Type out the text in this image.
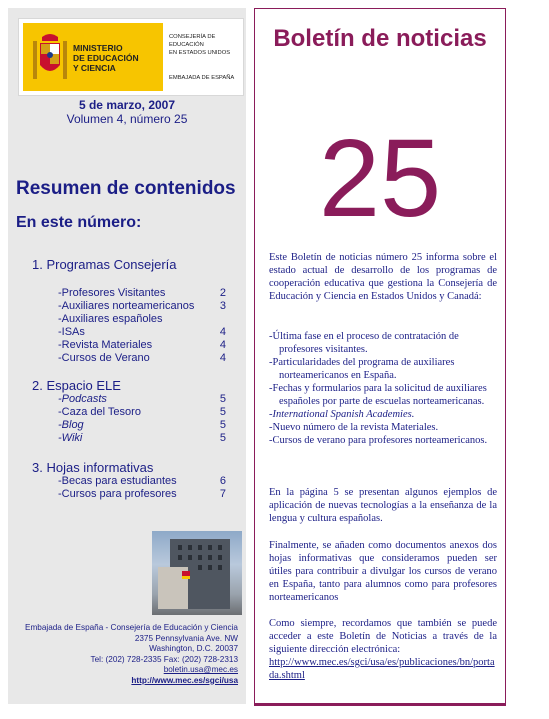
MINISTERIO
DE EDUCACIÓN
Y CIENCIA
CONSEJERÍA DE EDUCACIÓN
EN ESTADOS UNIDOS
EMBAJADA DE ESPAÑA
5 de marzo, 2007
Volumen 4, número 25
Resumen de contenidos
En este número:
1. Programas Consejería
-Profesores Visitantes	2
-Auxiliares norteamericanos 3
-Auxiliares españoles
-ISAs	4
-Revista Materiales	4
-Cursos de Verano	4
2. Espacio ELE
-Podcasts	5
-Caza del Tesoro	5
-Blog	5
-Wiki	5
3. Hojas informativas
-Becas para estudiantes	6
-Cursos para profesores	7
Embajada de España - Consejería de Educación y Ciencia
2375 Pennsylvania Ave. NW
Washington, D.C. 20037
Tel: (202) 728-2335 Fax: (202) 728-2313
boletin.usa@mec.es
http://www.mec.es/sgci/usa
Boletín de noticias
25
Este Boletín de noticias número 25 informa sobre el estado actual de desarrollo de los programas de cooperación educativa que gestiona la Consejería de Educación y Ciencia en Estados Unidos y Canadá:
-Última fase en el proceso de contratación de profesores visitantes.
-Particularidades del programa de auxiliares norteamericanos en España.
-Fechas y formularios para la solicitud de auxiliares españoles por parte de escuelas norteamericanas.
-International Spanish Academies.
-Nuevo número de la revista Materiales.
-Cursos de verano para profesores norteamericanos.
En la página 5 se presentan algunos ejemplos de aplicación de nuevas tecnologías a la enseñanza de la lengua y cultura españolas.
Finalmente, se añaden como documentos anexos dos hojas informativas que consideramos pueden ser útiles para contribuir a divulgar los cursos de verano en España, tanto para alumnos como para profesores norteamericanos
Como siempre, recordamos que también se puede acceder a este Boletín de Noticias a través de la siguiente dirección electrónica:
http://www.mec.es/sgci/usa/es/publicaciones/bn/portada.shtml
